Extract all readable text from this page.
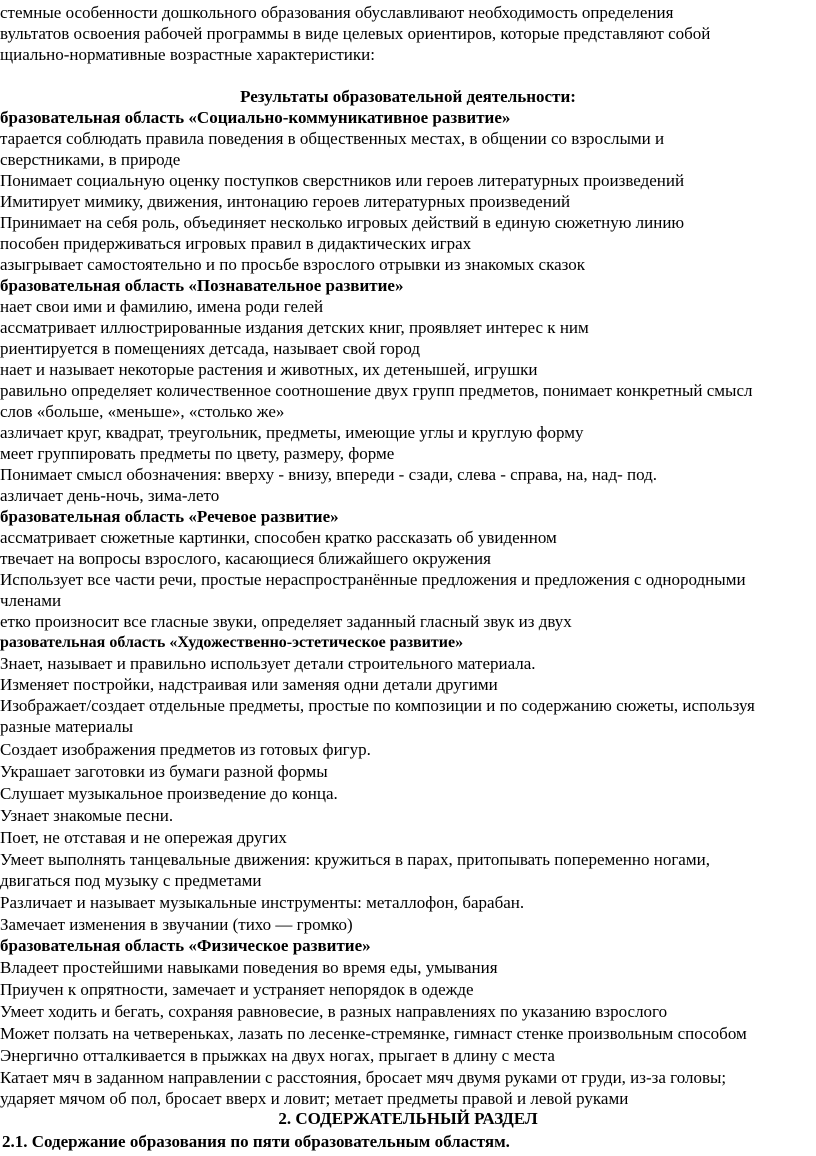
стемные особенности дошкольного образования обуславливают необходимость определения
вультатов освоения рабочей программы в виде целевых ориентиров, которые представляют собой
щиально-нормативные возрастные характеристики:
Результаты образовательной деятельности:
бразовательная область «Социально-коммуникативное развитие»
тарается соблюдать правила поведения в общественных местах, в общении со взрослыми и
сверстниками, в природе
Понимает социальную оценку поступков сверстников или героев литературных произведений
Имитирует мимику, движения, интонацию героев литературных произведений
Принимает на себя роль, объединяет несколько игровых действий в единую сюжетную линию
пособен придерживаться игровых правил в дидактических играх
азыгрывает самостоятельно и по просьбе взрослого отрывки из знакомых сказок
бразовательная область «Познавательное развитие»
нает свои ими и фамилию, имена роди гелей
ассматривает иллюстрированные издания детских книг, проявляет интерес к ним
риентируется в помещениях детсада, называет свой город
нает и называет некоторые растения и животных, их детенышей, игрушки
равильно определяет количественное соотношение двух групп предметов, понимает конкретный смысл
слов «больше, «меньше», «столько же»
азличает круг, квадрат, треугольник, предметы, имеющие углы и круглую форму
меет группировать предметы по цвету, размеру, форме
Понимает смысл обозначения: вверху - внизу, впереди - сзади, слева - справа, на, над- под.
азличает день-ночь, зима-лето
бразовательная область «Речевое развитие»
ассматривает сюжетные картинки, способен кратко рассказать об увиденном
твечает на вопросы взрослого, касающиеся ближайшего окружения
Использует все части речи, простые нераспространённые предложения и предложения с однородными
членами
етко произносит все гласные звуки, определяет заданный гласный звук из двух
разовательная область «Художественно-эстетическое развитие»
Знает, называет и правильно использует детали строительного материала.
Изменяет постройки, надстраивая или заменяя одни детали другими
Изображает/создает отдельные предметы, простые по композиции и по содержанию сюжеты, используя
разные материалы
Создает изображения предметов из готовых фигур.
Украшает заготовки из бумаги разной формы
Слушает музыкальное произведение до конца.
Узнает знакомые песни.
Поет, не отставая и не опережая других
Умеет выполнять танцевальные движения: кружиться в парах, притопывать попеременно ногами,
двигаться под музыку с предметами
Различает и называет музыкальные инструменты: металлофон, барабан.
Замечает изменения в звучании (тихо — громко)
бразовательная область «Физическое развитие»
Владеет простейшими навыками поведения во время еды, умывания
Приучен к опрятности, замечает и устраняет непорядок в одежде
Умеет ходить и бегать, сохраняя равновесие, в разных направлениях по указанию взрослого
Может ползать на четвереньках, лазать по лесенке-стремянке, гимнаст стенке произвольным способом
Энергично отталкивается в прыжках на двух ногах, прыгает в длину с места
Катает мяч в заданном направлении с расстояния, бросает мяч двумя руками от груди, из-за головы;
ударяет мячом об пол, бросает вверх и ловит; метает предметы правой и левой руками
2. СОДЕРЖАТЕЛЬНЫЙ РАЗДЕЛ
2.1. Содержание образования по пяти образовательным областям.
